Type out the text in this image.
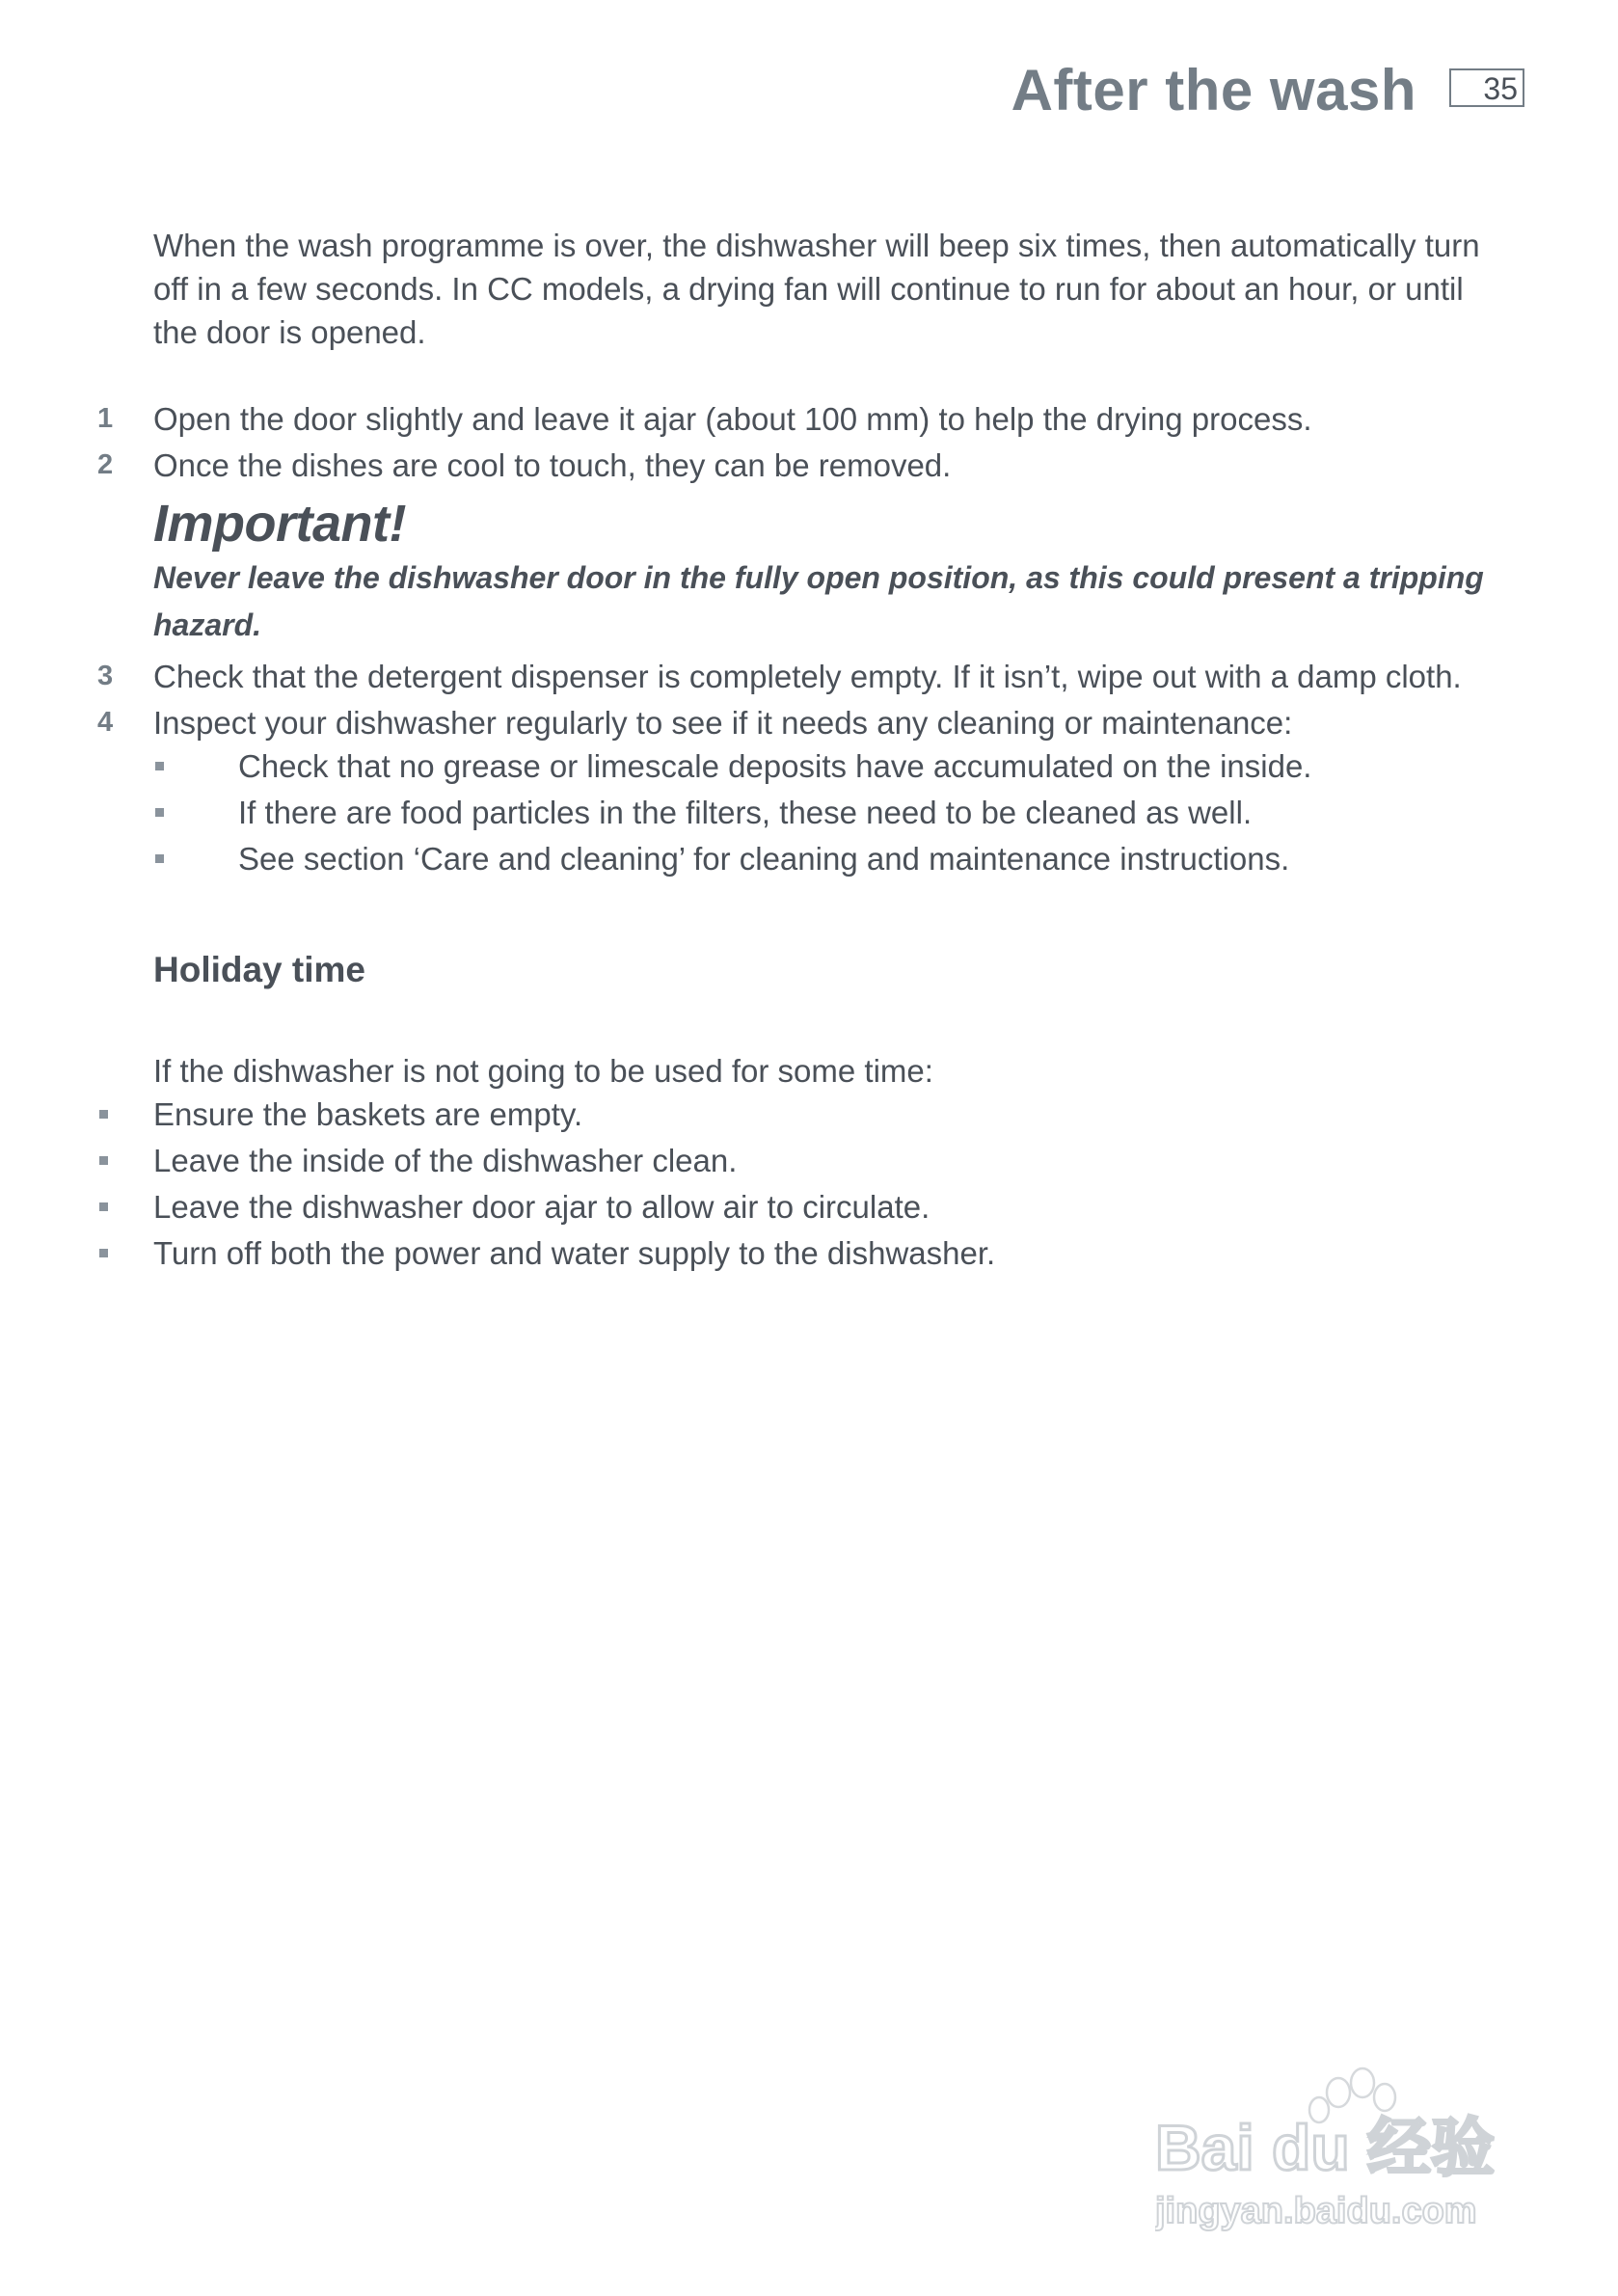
After the wash	35

When the wash programme is over, the dishwasher will beep six times, then automatically turn off in a few seconds. In CC models, a drying fan will continue to run for about an hour, or until the door is opened.

1	Open the door slightly and leave it ajar (about 100 mm) to help the drying process.
2	Once the dishes are cool to touch, they can be removed.
Important!
Never leave the dishwasher door in the fully open position, as this could present a tripping hazard.
3	Check that the detergent dispenser is completely empty. If it isn’t, wipe out with a damp cloth.
4	Inspect your dishwasher regularly to see if it needs any cleaning or maintenance:
Check that no grease or limescale deposits have accumulated on the inside.
If there are food particles in the filters, these need to be cleaned as well.
See section ‘Care and cleaning’ for cleaning and maintenance instructions.
Holiday time

If the dishwasher is not going to be used for some time:

Ensure the baskets are empty.
Leave the inside of the dishwasher clean.
Leave the dishwasher door ajar to allow air to circulate.
Turn off both the power and water supply to the dishwasher.
Bai du 经验
jingyan.baidu.com
